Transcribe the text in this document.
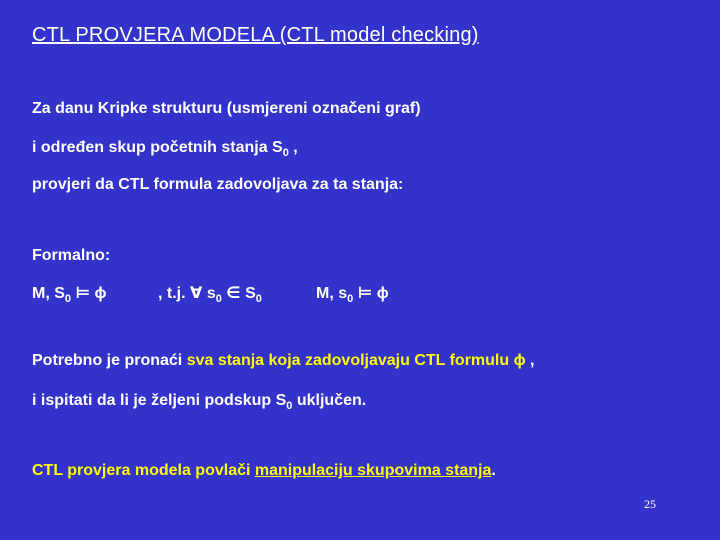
CTL PROVJERA MODELA (CTL model checking)
Za danu Kripke strukturu (usmjereni označeni graf)
i određen skup početnih stanja $S_0$ ,
provjeri da CTL formula zadovoljava za ta stanja:
Formalno:
M, $S_0$ ⊨ ϕ	, t.j. ∀ $s_0$ ∈ $S_0$	M, $s_0$ ⊨ ϕ
Potrebno je pronaći sva stanja koja zadovoljavaju CTL formulu ϕ ,
i ispitati da li je željeni podskup $S_0$ uključen.
CTL provjera modela povlači manipulaciju skupovima stanja.
25
